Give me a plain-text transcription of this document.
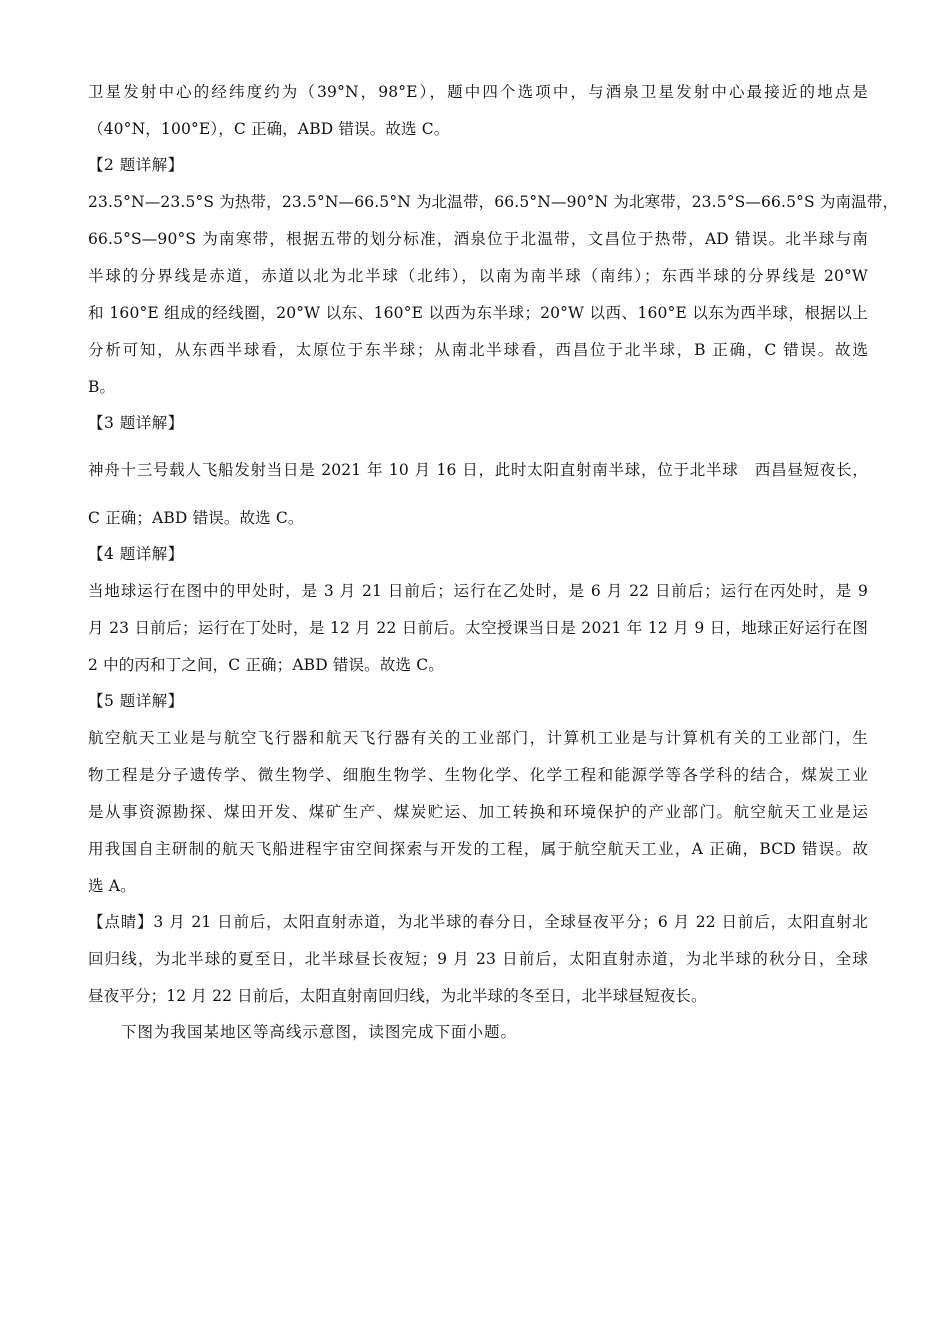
卫星发射中心的经纬度约为（39°N，98°E），题中四个选项中，与酒泉卫星发射中心最接近的地点是
（40°N，100°E），C 正确，ABD 错误。故选 C。
【2 题详解】
23.5°N—23.5°S 为热带，23.5°N—66.5°N 为北温带，66.5°N—90°N 为北寒带，23.5°S—66.5°S 为南温带，
66.5°S—90°S 为南寒带，根据五带的划分标准，酒泉位于北温带，文昌位于热带，AD 错误。北半球与南
半球的分界线是赤道，赤道以北为北半球（北纬），以南为南半球（南纬）；东西半球的分界线是 20°W
和 160°E 组成的经线圈，20°W 以东、160°E 以西为东半球；20°W 以西、160°E 以东为西半球，根据以上
分析可知，从东西半球看，太原位于东半球；从南北半球看，西昌位于北半球，B 正确，C 错误。故选
B。
【3 题详解】
神舟十三号载人飞船发射当日是 2021 年 10 月 16 日，此时太阳直射南半球，位于北半球　西昌昼短夜长，
C 正确；ABD 错误。故选 C。
【4 题详解】
当地球运行在图中的甲处时，是 3 月 21 日前后；运行在乙处时，是 6 月 22 日前后；运行在丙处时，是 9
月 23 日前后；运行在丁处时，是 12 月 22 日前后。太空授课当日是 2021 年 12 月 9 日，地球正好运行在图
2 中的丙和丁之间，C 正确；ABD 错误。故选 C。
【5 题详解】
航空航天工业是与航空飞行器和航天飞行器有关的工业部门，计算机工业是与计算机有关的工业部门，生
物工程是分子遗传学、微生物学、细胞生物学、生物化学、化学工程和能源学等各学科的结合，煤炭工业
是从事资源勘探、煤田开发、煤矿生产、煤炭贮运、加工转换和环境保护的产业部门。航空航天工业是运
用我国自主研制的航天飞船进程宇宙空间探索与开发的工程，属于航空航天工业，A 正确，BCD 错误。故
选 A。
【点睛】3 月 21 日前后，太阳直射赤道，为北半球的春分日，全球昼夜平分；6 月 22 日前后，太阳直射北
回归线，为北半球的夏至日，北半球昼长夜短；9 月 23 日前后，太阳直射赤道，为北半球的秋分日，全球
昼夜平分；12 月 22 日前后，太阳直射南回归线，为北半球的冬至日，北半球昼短夜长。
下图为我国某地区等高线示意图，读图完成下面小题。
